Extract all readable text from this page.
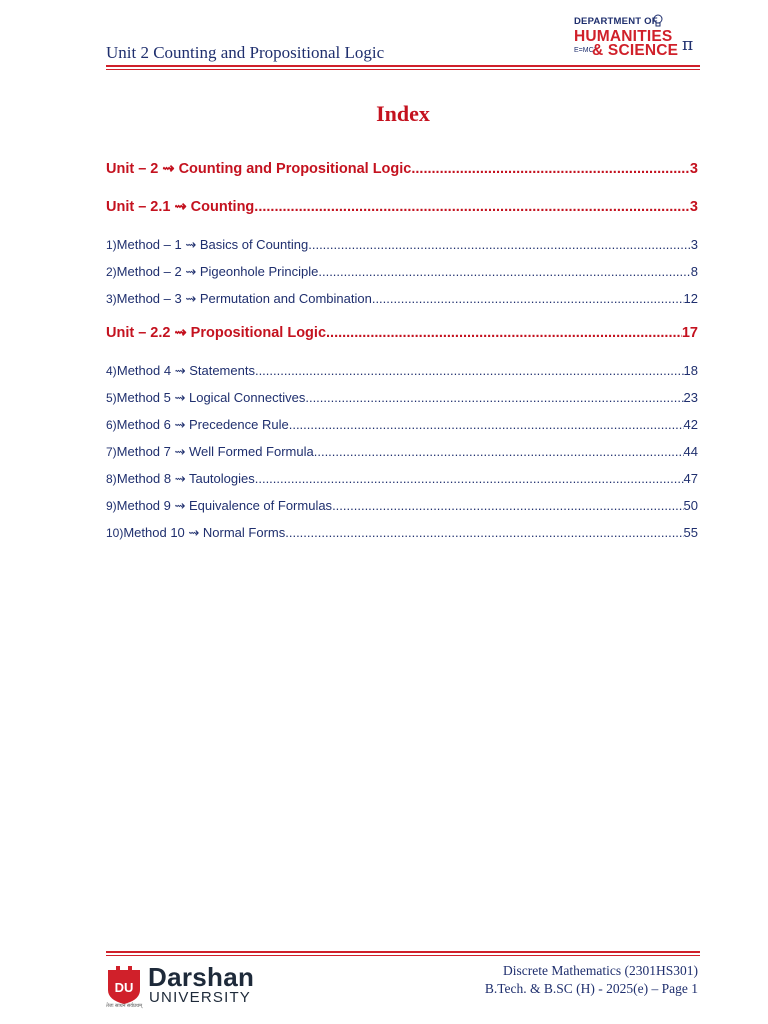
Unit 2 Counting and Propositional Logic
DEPARTMENT OF
HUMANITIES π
E=MC²
& SCIENCE
Index
Unit – 2 ⇝ Counting and Propositional Logic .....	3
Unit – 2.1 ⇝ Counting .....	3
1) Method – 1 ⇝ Basics of Counting .....	3
2) Method – 2 ⇝ Pigeonhole Principle .....	8
3) Method – 3 ⇝ Permutation and Combination .....	12
Unit – 2.2 ⇝ Propositional Logic .....	17
4) Method 4 ⇝ Statements .....	18
5) Method 5 ⇝ Logical Connectives .....	23
6) Method 6 ⇝ Precedence Rule .....	42
7) Method 7 ⇝ Well Formed Formula .....	44
8) Method 8 ⇝ Tautologies .....	47
9) Method 9 ⇝ Equivalence of Formulas .....	50
10) Method 10 ⇝ Normal Forms .....	55
DU
तेजः साधनं सर्वप्रथम्
Darshan
UNIVERSITY
Discrete Mathematics (2301HS301)
B.Tech. & B.SC (H) - 2025(e) – Page 1
